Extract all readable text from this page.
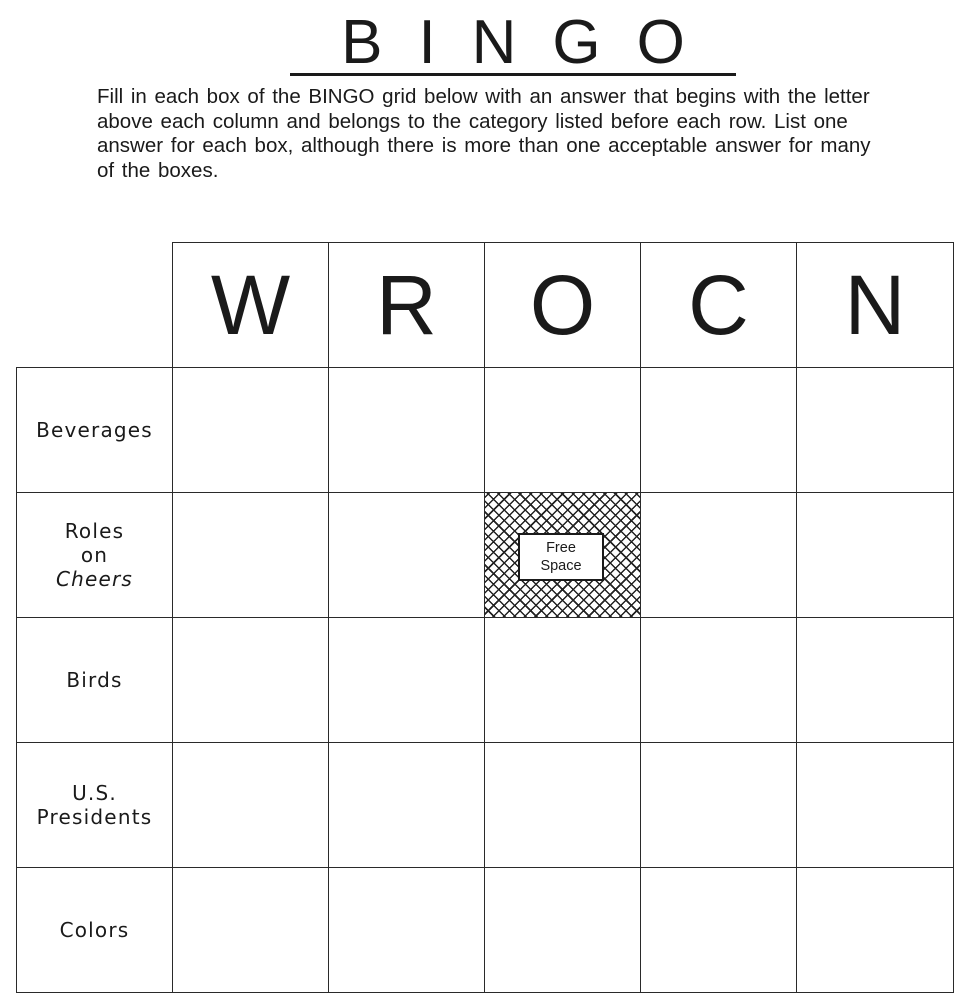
BINGO

Fill in each box of the BINGO grid below with an answer that begins with the letter above each column and belongs to the category listed before each row. List one answer for each box, although there is more than one acceptable answer for many of the boxes.

W R O C N
Beverages
Roles
on
Cheers
Free
Space
Birds
U.S.
Presidents
Colors
